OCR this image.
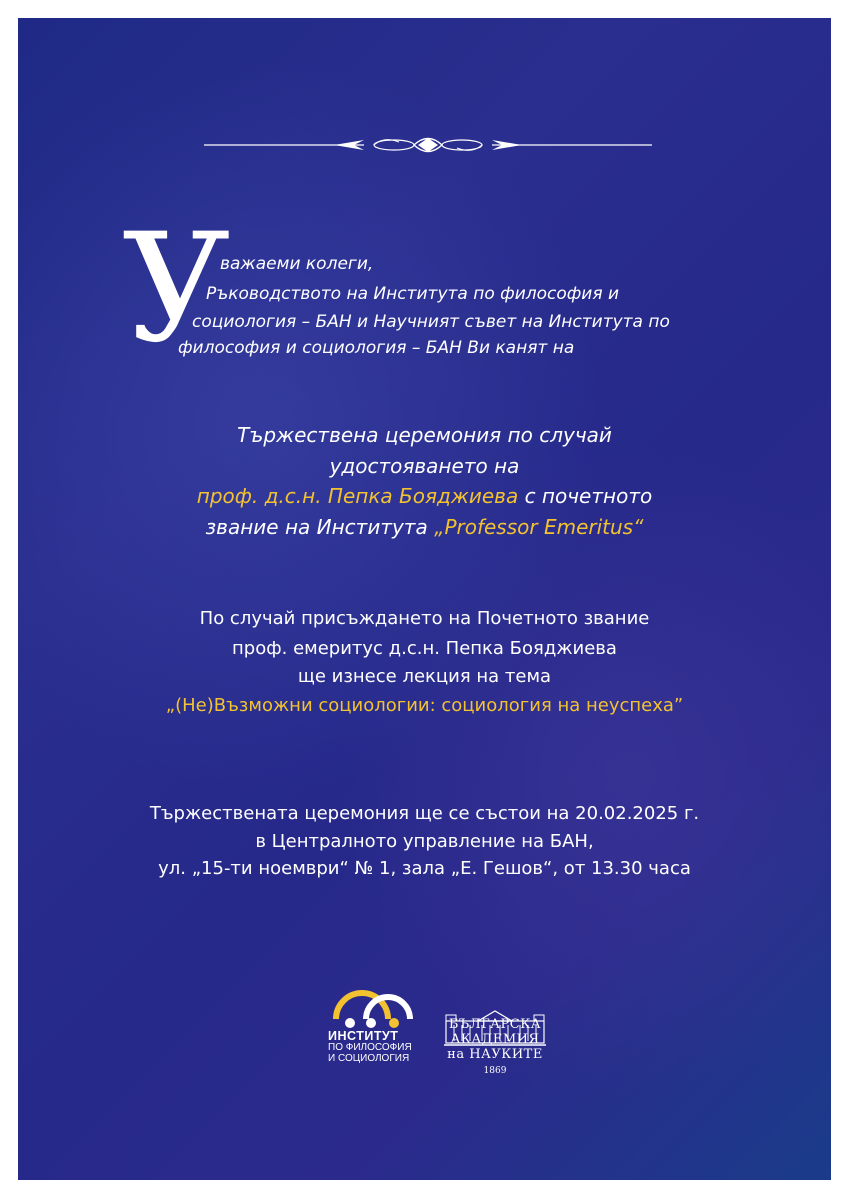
У
важаеми колеги,
Ръководството на Института по философия и
социология – БАН и Научният съвет на Института по
философия и социология – БАН Ви канят на
Тържествена церемония по случай
удостояването на
проф. д.с.н. Пепка Бояджиева с почетното
звание на Института „Professor Emeritus“
По случай присъждането на Почетното звание
проф. емеритус д.с.н. Пепка Бояджиева
ще изнесе лекция на тема
„(Не)Възможни социологии: социология на неуспеха”
Тържествената церемония ще се състои на 20.02.2025 г.
в Централното управление на БАН,
ул. „15-ти ноември“ № 1, зала „Е. Гешов“, от 13.30 часа
ИНСТИТУТ
ПО ФИЛОСОФИЯ
И СОЦИОЛОГИЯ
БЪЛГАРСКА
АКАДЕМИЯ
на НАУКИТЕ
1869
